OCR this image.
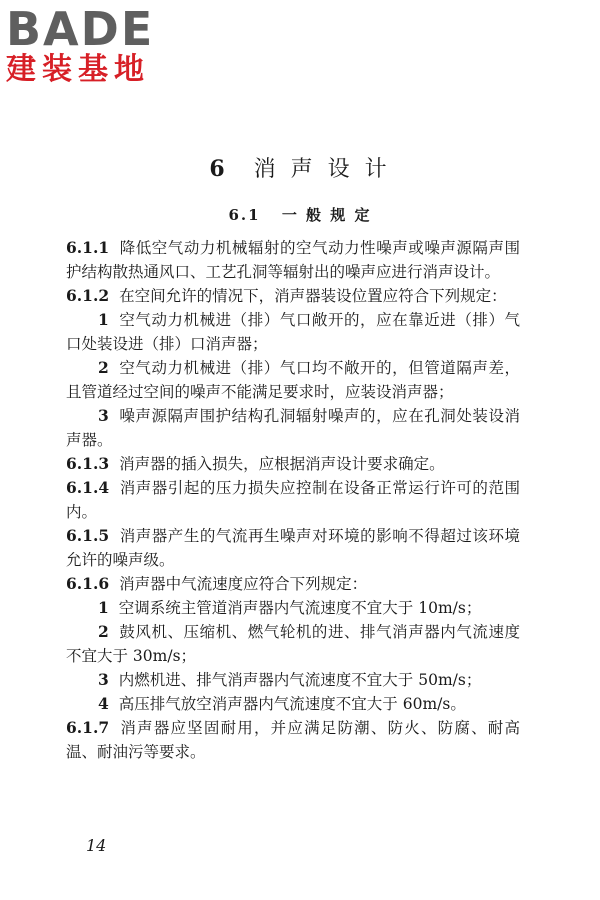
BADE
建装基地
6 消 声 设 计
6.1 一 般 规 定

6.1.1 降低空气动力机械辐射的空气动力性噪声或噪声源隔声围护结构散热通风口、工艺孔洞等辐射出的噪声应进行消声设计。

6.1.2 在空间允许的情况下，消声器装设位置应符合下列规定：

1 空气动力机械进（排）气口敞开的，应在靠近进（排）气口处装设进（排）口消声器；

2 空气动力机械进（排）气口均不敞开的，但管道隔声差，且管道经过空间的噪声不能满足要求时，应装设消声器；

3 噪声源隔声围护结构孔洞辐射噪声的，应在孔洞处装设消声器。

6.1.3 消声器的插入损失，应根据消声设计要求确定。

6.1.4 消声器引起的压力损失应控制在设备正常运行许可的范围内。

6.1.5 消声器产生的气流再生噪声对环境的影响不得超过该环境允许的噪声级。

6.1.6 消声器中气流速度应符合下列规定：

1 空调系统主管道消声器内气流速度不宜大于 10m/s；

2 鼓风机、压缩机、燃气轮机的进、排气消声器内气流速度不宜大于 30m/s；

3 内燃机进、排气消声器内气流速度不宜大于 50m/s；

4 高压排气放空消声器内气流速度不宜大于 60m/s。

6.1.7 消声器应坚固耐用，并应满足防潮、防火、防腐、耐高温、耐油污等要求。

14
